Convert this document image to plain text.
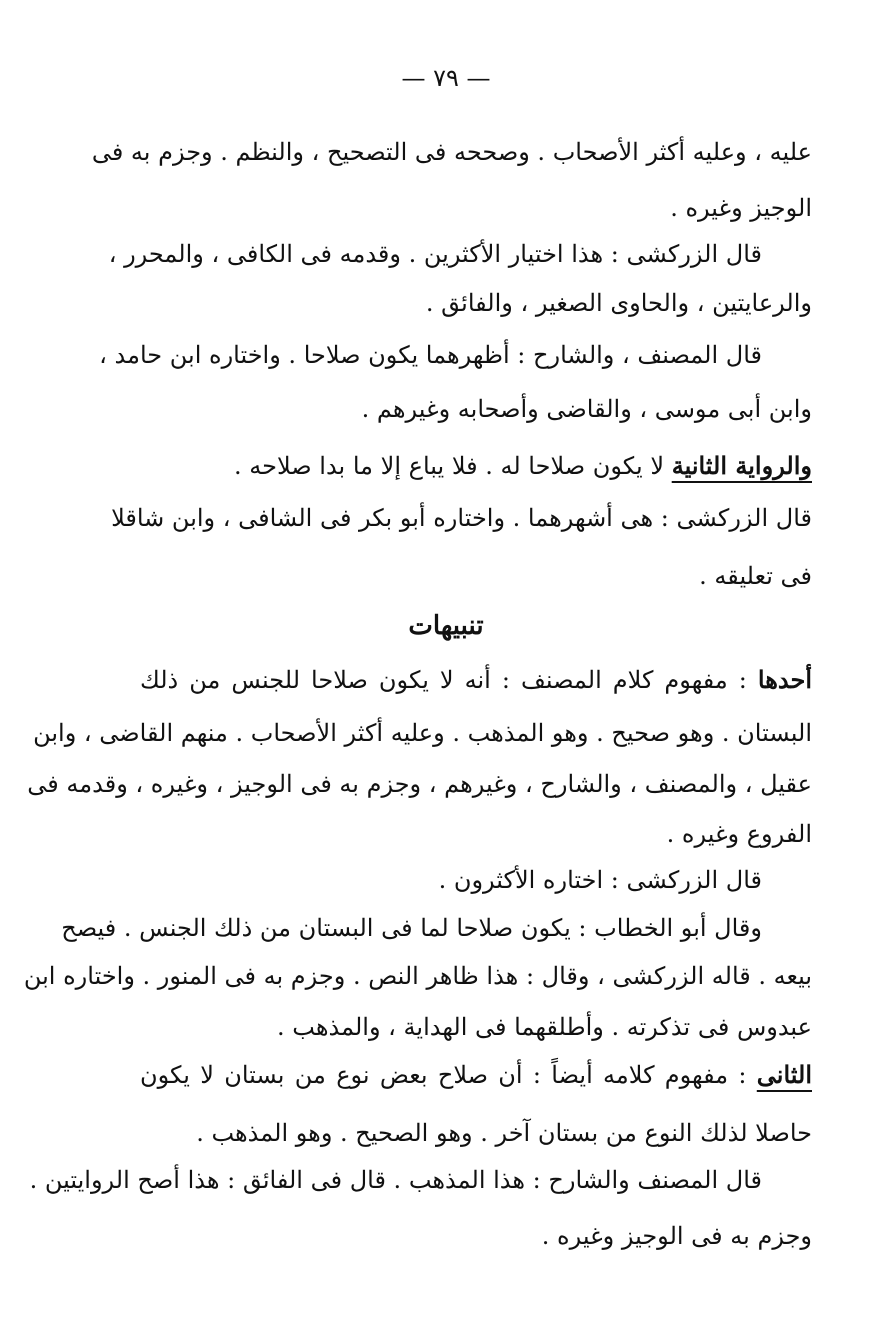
— ٧٩ —
عليه ، وعليه أكثر الأصحاب . وصححه فى التصحيح ، والنظم . وجزم به فى
الوجيز وغيره .
قال الزركشى : هذا اختيار الأكثرين . وقدمه فى الكافى ، والمحرر ،
والرعايتين ، والحاوى الصغير ، والفائق .
قال المصنف ، والشارح : أظهرهما يكون صلاحا . واختاره ابن حامد ،
وابن أبى موسى ، والقاضى وأصحابه وغيرهم .
والرواية الثانية لا يكون صلاحا له . فلا يباع إلا ما بدا صلاحه .
قال الزركشى : هى أشهرهما . واختاره أبو بكر فى الشافى ، وابن شاقلا
فى تعليقه .
تنبيهات
أحدها : مفهوم كلام المصنف : أنه لا يكون صلاحا للجنس من ذلك
البستان . وهو صحيح . وهو المذهب . وعليه أكثر الأصحاب . منهم القاضى ، وابن
عقيل ، والمصنف ، والشارح ، وغيرهم ، وجزم به فى الوجيز ، وغيره ، وقدمه فى
الفروع وغيره .
قال الزركشى : اختاره الأكثرون .
وقال أبو الخطاب : يكون صلاحا لما فى البستان من ذلك الجنس . فيصح
بيعه . قاله الزركشى ، وقال : هذا ظاهر النص . وجزم به فى المنور . واختاره ابن
عبدوس فى تذكرته . وأطلقهما فى الهداية ، والمذهب .
الثانى : مفهوم كلامه أيضاً : أن صلاح بعض نوع من بستان لا يكون
حاصلا لذلك النوع من بستان آخر . وهو الصحيح . وهو المذهب .
قال المصنف والشارح : هذا المذهب . قال فى الفائق : هذا أصح الروايتين .
وجزم به فى الوجيز وغيره .
